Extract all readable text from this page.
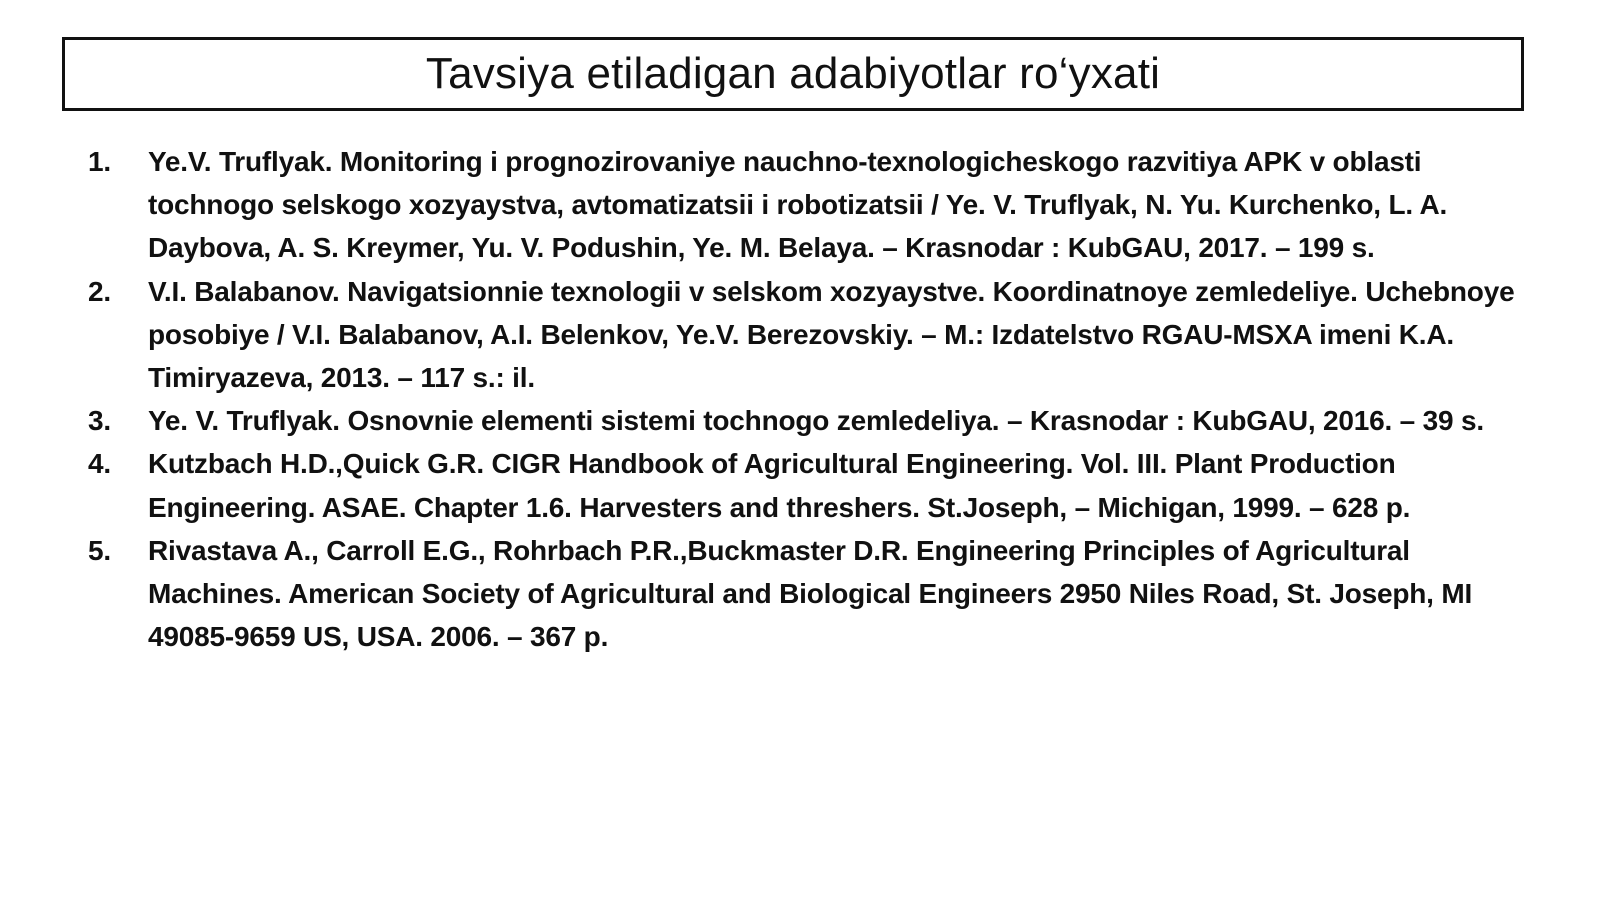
Tavsiya etiladigan adabiyotlar ro‘yxati
1.	Ye.V. Truflyak. Monitoring i prognozirovaniye nauchno-texnologicheskogo razvitiya APK v oblasti tochnogo selskogo xozyaystva, avtomatizatsii i robotizatsii / Ye. V. Truflyak, N. Yu. Kurchenko, L. A. Daybova, A. S. Kreymer, Yu. V. Podushin, Ye. M. Belaya. – Krasnodar : KubGAU, 2017. – 199 s.
2.	V.I. Balabanov. Navigatsionnie texnologii v selskom xozyaystve. Koordinatnoye zemledeliye. Uchebnoye posobiye / V.I. Balabanov, A.I. Belenkov, Ye.V. Berezovskiy. – M.: Izdatelstvo RGAU-MSXA imeni K.A. Timiryazeva, 2013. – 117 s.: il.
3.	Ye. V. Truflyak. Osnovnie elementi sistemi tochnogo zemledeliya. – Krasnodar : KubGAU, 2016. – 39 s.
4.	Kutzbach H.D.,Quick G.R. CIGR Handbook of Agricultural Engineering. Vol. III. Plant Production Engineering. ASAE. Chapter 1.6. Harvesters and threshers. St.Joseph, – Michigan, 1999. – 628 p.
5.	Rivastava A., Carroll E.G., Rohrbach P.R.,Buckmaster D.R. Engineering Principles of Agricultural Machines. American Society of Agricultural and Biological Engineers 2950 Niles Road, St. Joseph, MI 49085-9659 US, USA. 2006. – 367 p.
